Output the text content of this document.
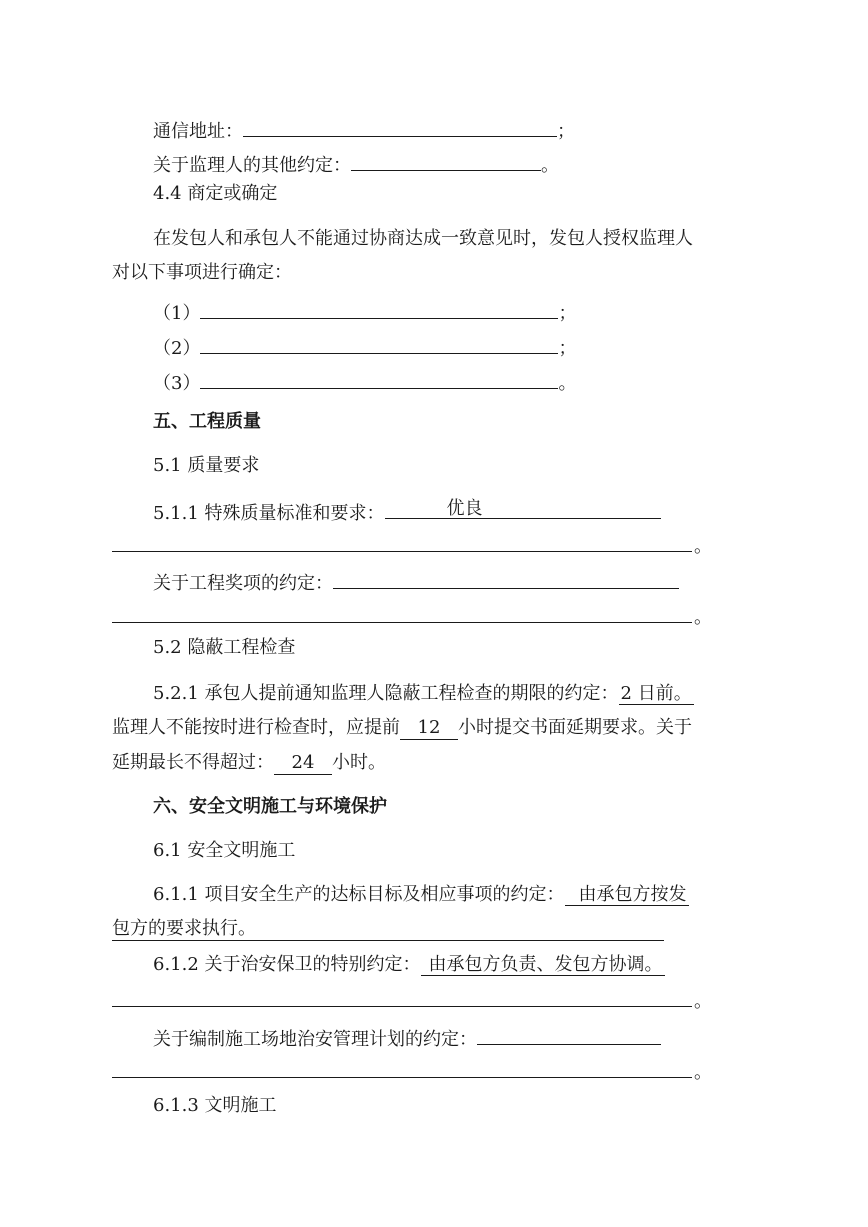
通信地址：	；
关于监理人的其他约定：	。
4.4 商定或确定
在发包人和承包人不能通过协商达成一致意见时，发包人授权监理人
对以下事项进行确定：
（1）	；
（2）	；
（3）	。
五、工程质量
5.1 质量要求
5.1.1 特殊质量标准和要求：	优良
。
关于工程奖项的约定：
。
5.2 隐蔽工程检查
5.2.1 承包人提前通知监理人隐蔽工程检查的期限的约定： 2 日前。
监理人不能按时进行检查时，应提前 12 小时提交书面延期要求。关于
延期最长不得超过： 24 小时。
六、安全文明施工与环境保护
6.1 安全文明施工
6.1.1 项目安全生产的达标目标及相应事项的约定： 由承包方按发
包方的要求执行。
6.1.2 关于治安保卫的特别约定： 由承包方负责、发包方协调。
。
关于编制施工场地治安管理计划的约定：
。
6.1.3 文明施工
